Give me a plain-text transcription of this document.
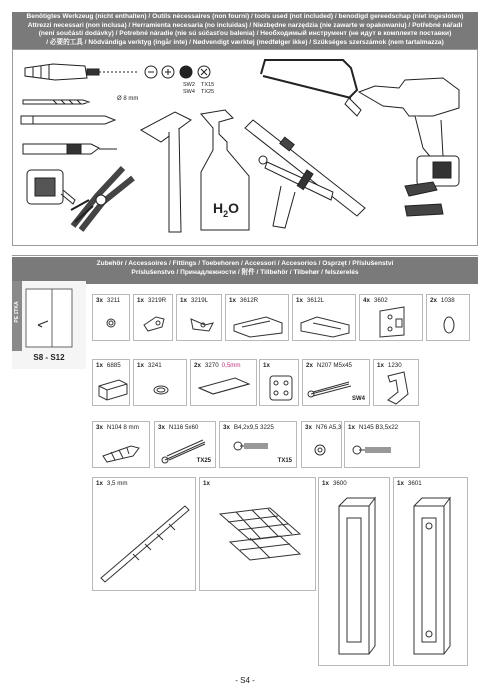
Benötigtes Werkzeug (nicht enthalten) / Outils nécessaires (non fourni) / tools used (not included) / benodigd gereedschap (niet ingesloten)
Attrezzi necessari (non inclusa) / Herramienta necesaria (no incluidas) / Niezbędne narzędzia (nie zawarte w opakowaniu) / Potřebné nářadí
(není součástí dodávky) / Potrebné náradie (nie sú súčasťou balenia) / Необходимый инструмент (не идут в комплекте поставки)
/ 必要的工具 / Nödvändiga verktyg (ingår inte) / Nødvendigt værktøj (medfølger ikke) / Szükséges szerszámok (nem tartalmazza)
Ø 8 mm
SW2 TX15
SW4 TX25
$H_2O$
Zubehör / Accessoires / Fittings / Toebehoren / Accessori / Accesorios / Osprzęt / Příslušenství
Príslušenstvo / Принадлежности / 附件 / Tillbehör / Tilbehør / felszerelés
PE 1TKA
S8 - S12
3x 3211	1x 3219R 1x 3219L	1x 3612R	1x 3612L	4x 3602	2x 1038
1x 6885	1x 3241	2x 3270 0,5mm	1x	2x N207 M5x45
SW4
1x 1230
3x N104 8 mm	3x N116 5x60
TX25
3x B4,2x9,5 3225
TX15
3x N76 A5,3 1x N145 B3,5x22
1x 3,5 mm	1x	1x 3600	1x 3601
- S4 -
